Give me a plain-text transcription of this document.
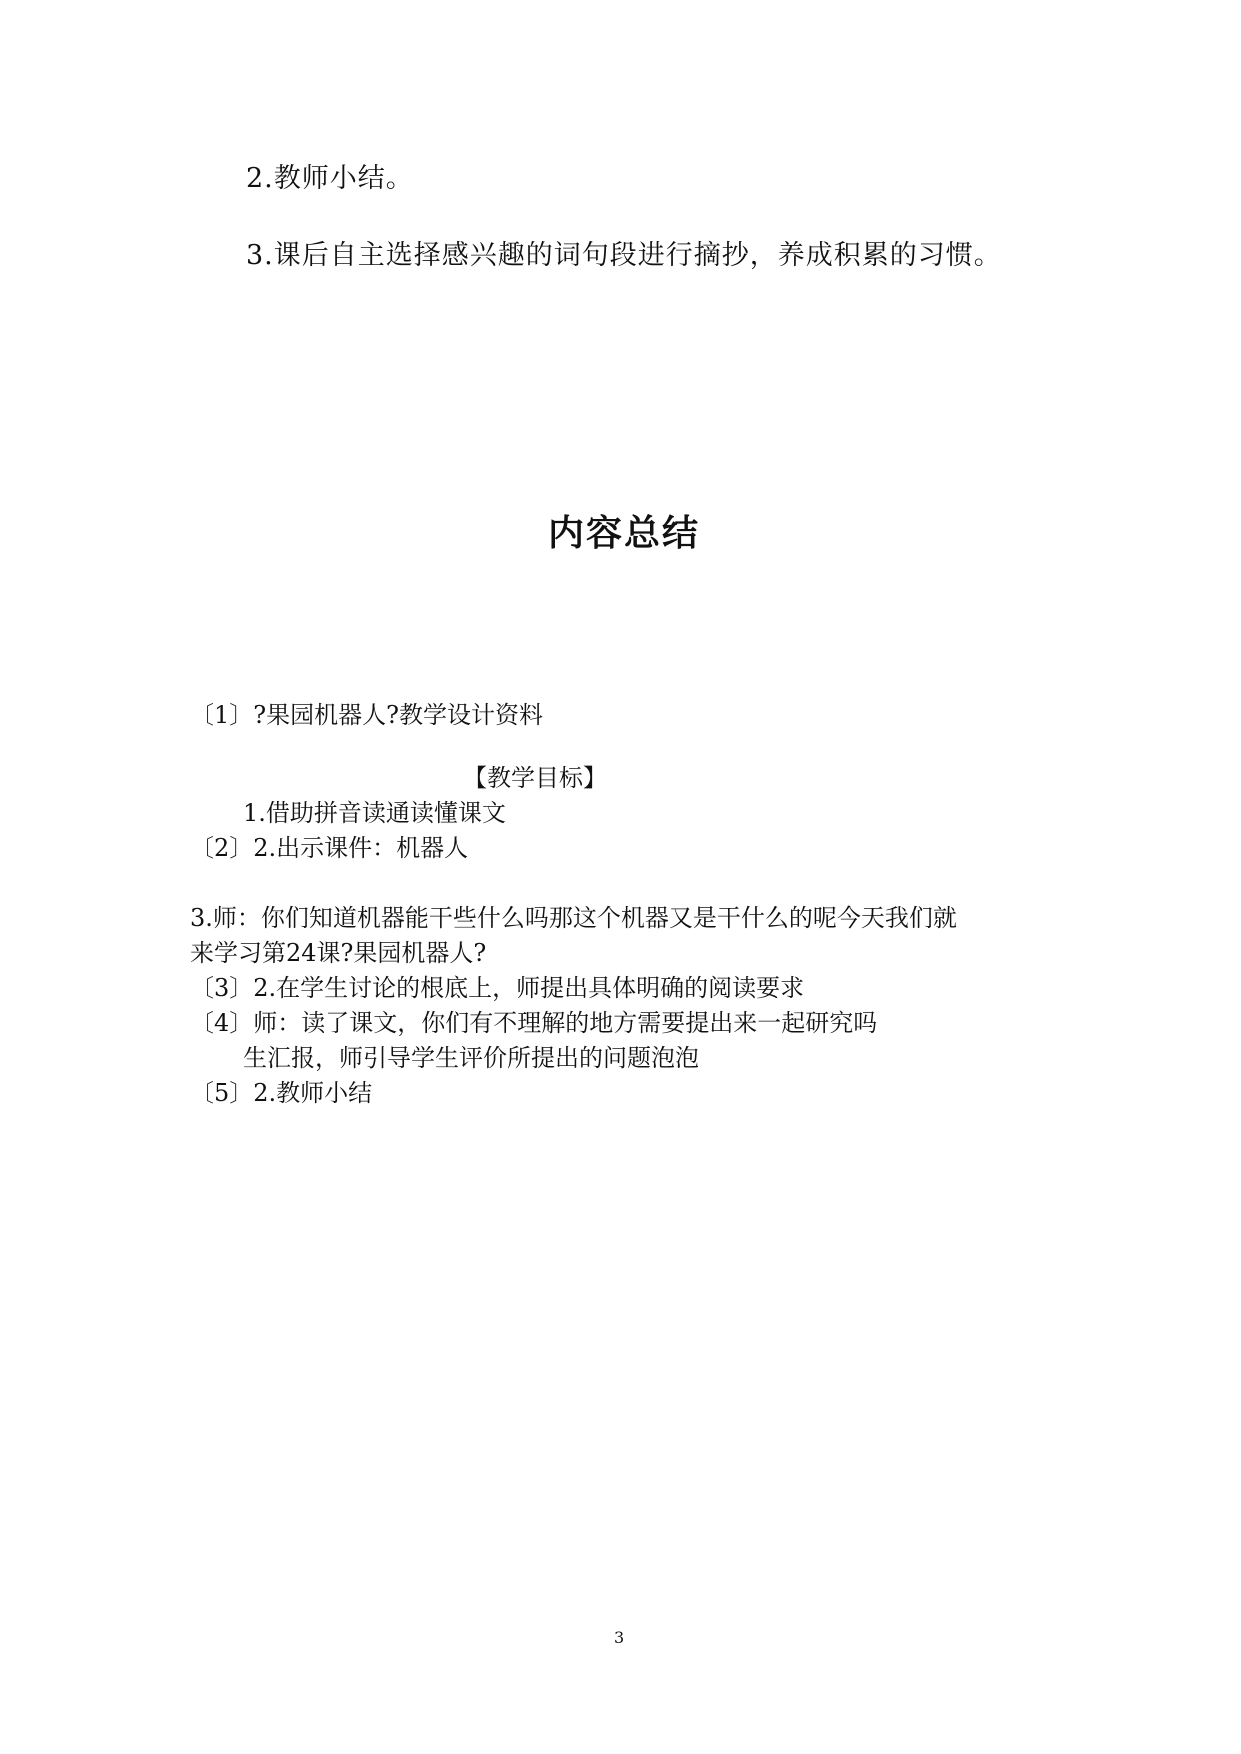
2.教师小结。
3.课后自主选择感兴趣的词句段进行摘抄，养成积累的习惯。
内容总结
〔1〕?果园机器人?教学设计资料
【教学目标】
1.借助拼音读通读懂课文
〔2〕2.出示课件：机器人
3.师：你们知道机器能干些什么吗那这个机器又是干什么的呢今天我们就
来学习第24课?果园机器人?
〔3〕2.在学生讨论的根底上，师提出具体明确的阅读要求
〔4〕师：读了课文，你们有不理解的地方需要提出来一起研究吗
生汇报，师引导学生评价所提出的问题泡泡
〔5〕2.教师小结
3
